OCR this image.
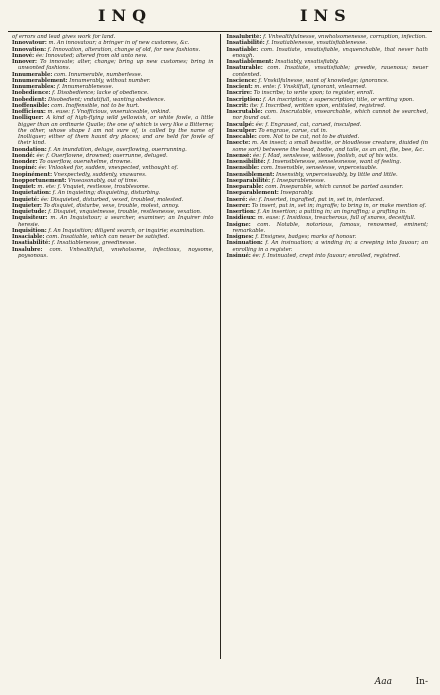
INQ	INS

of errors and lead gives work for land.

Innovatour: m. An innovatour; a bringer in of new customes, &c.

Innovation: f. Innovation, alteration, change of old, for new fashions.

Innové: ée: Innovated; altered from old unto new.

Innover: To innovate; alter, change; bring up new customes; bring in unwonted fashions.

Innumerable: com. Innumerable, numberlesse.

Innumerablement: Innumerably, without number.

Innumerables: f. Innumerablenesse.

Inobedience: f. Disobedience; lacke of obedience.

Inobedient: Disobedient; vndutifull, wanting obedience.

Inoffensible: com. Inoffensible, not to be hurt.

Inofficieux: m. euse: f. Vnofficious, vnseruiceable, vnkind.

Inolliquer: A kind of high-flying wild yellowish, or white fowle, a little bigger than an ordinarie Quaile; the one of which is very like a Bitterne; the other, whose shape I am not sure of, is called by the name of Inolliquer; either of them haunt dry places; and are held for fowle of their kind.

Inondation: f. An inundation, deluge, ouerflowing, ouerrunning.

Inondé: ée: f. Ouerflowne, drowned; ouerrunne, deluged.

Inonder: To ouerflow, ouerwhelme, drowne.

Inopiné: ée: Vnlooked for, sudden, vnexpected, vnthought of.

Inopinément: Vnexpectedly, suddenly, vnawares.

Inopportunement: Vnseasonably, out of time.

Inquiet: m. ete: f. Vnquiet, restlesse, troublesome.

Inquietation: f. An inquieting; disquieting, disturbing.

Inquieté: ée: Disquieted, disturbed, vexed, troubled, molested.

Inquieter: To disquiet, disturbe, vexe, trouble, molest, annoy.

Inquietude: f. Disquiet, vnquietnesse, trouble, restlesnesse, vexation.

Inquisiteur: m. An Inquisitour; a searcher, examiner; an Inquirer into heresie.

Inquisition: f. An Inquisition; diligent search, or inquirie; examination.

Insaciable: com. Insatiable, which can neuer be satisfied.

Insatiabilité: f. Insatiablenesse, greedinesse.

Insalubre: com. Vnhealthfull, vnwholsome, infectious, noysome, poysonous.

Insalubrité: f. Vnhealthfulnesse, vnwholsomenesse, corruption, infection.

Insatiabilité: f. Insatiablenesse, vnsatisfiablenesse.

Insatiable: com. Insatiate, vnsatisfiable, vnquenchable, that never hath enough.

Insatiablement: Insatiably, vnsatisfiably.

Insaturable: com. Insatiate, vnsatisfiable; greedie, rauenous; neuer contented.

Inscience: f. Vnskilfulnesse, want of knowledge; ignorance.

Inscient: m. ente: f. Vnskilfull, ignorant, vnlearned.

Inscrire: To inscribe; to write vpon; to register, enroll.

Inscription: f. An inscription; a superscription; title, or writing vpon.

Inscrit: ite: f. Inscribed, written vpon, entituled, registred.

Inscrutable: com. Inscrutable, vnsearchable, which cannot be searched, nor found out.

Insculpé: ée: f. Engraued, cut, carued, insculped.

Insculper: To engraue, carue, cut in.

Insecable: com. Not to be cut, not to be diuided.

Insecte: m. An insect; a small beastlie, or bloudlesse creature, diuided (in some sort) betweene the head, bodie, and taile, as an ant, flie, bee, &c.

Insensé: ée: f. Mad, senslesse, witlesse, foolish, out of his wits.

Insensibilité: f. Insensiblenesse, senselesnesse, want of feeling.

Insensible: com. Insensible, senselesse, vnperceiuable.

Insensiblement: Insensibly, vnperceiueably, by little and little.

Inseparabilité: f. Inseparablenesse.

Inseparable: com. Inseparable, which cannot be parted asunder.

Inseparablement: Inseparably.

Inseré: ée: f. Inserted, ingrafted, put in, set in, interlaced.

Inserer: To insert, put in, set in; ingraffe; to bring in, or make mention of.

Insertion: f. An insertion; a putting in; an ingraffing; a grafting in.

Insidieux: m. euse: f. Insidious, treacherous, full of snares, deceitfull.

Insigne: com. Notable, notorious, famous, renowmed, eminent; remarkable.

Insignes: f. Ensignes, badges; marks of honour.

Insinuation: f. An insinuation; a winding in; a creeping into fauour; an enrolling in a register.

Insinué: ée: f. Insinuated, crept into fauour; enrolled, registred.

Aaa	In-
